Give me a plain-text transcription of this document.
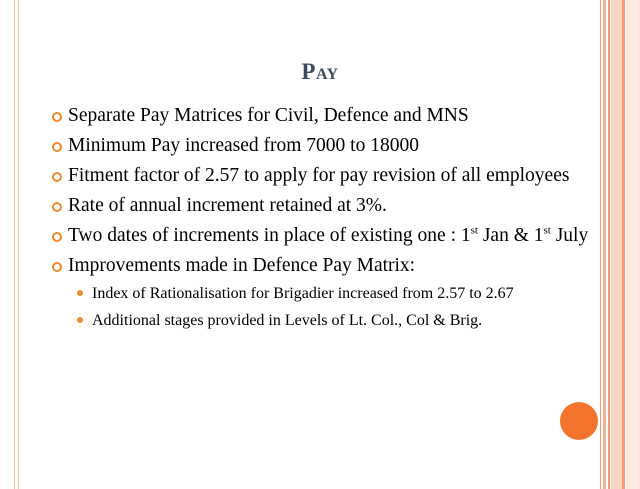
Pay
Separate Pay Matrices for Civil, Defence and MNS
Minimum Pay increased from 7000 to 18000
Fitment factor of 2.57 to apply for pay revision of all employees
Rate of annual increment retained at 3%.
Two dates of increments in place of existing one : 1st Jan & 1st July
Improvements made in Defence Pay Matrix:
Index of Rationalisation for Brigadier increased from 2.57 to 2.67
Additional stages provided in Levels of Lt. Col., Col & Brig.
